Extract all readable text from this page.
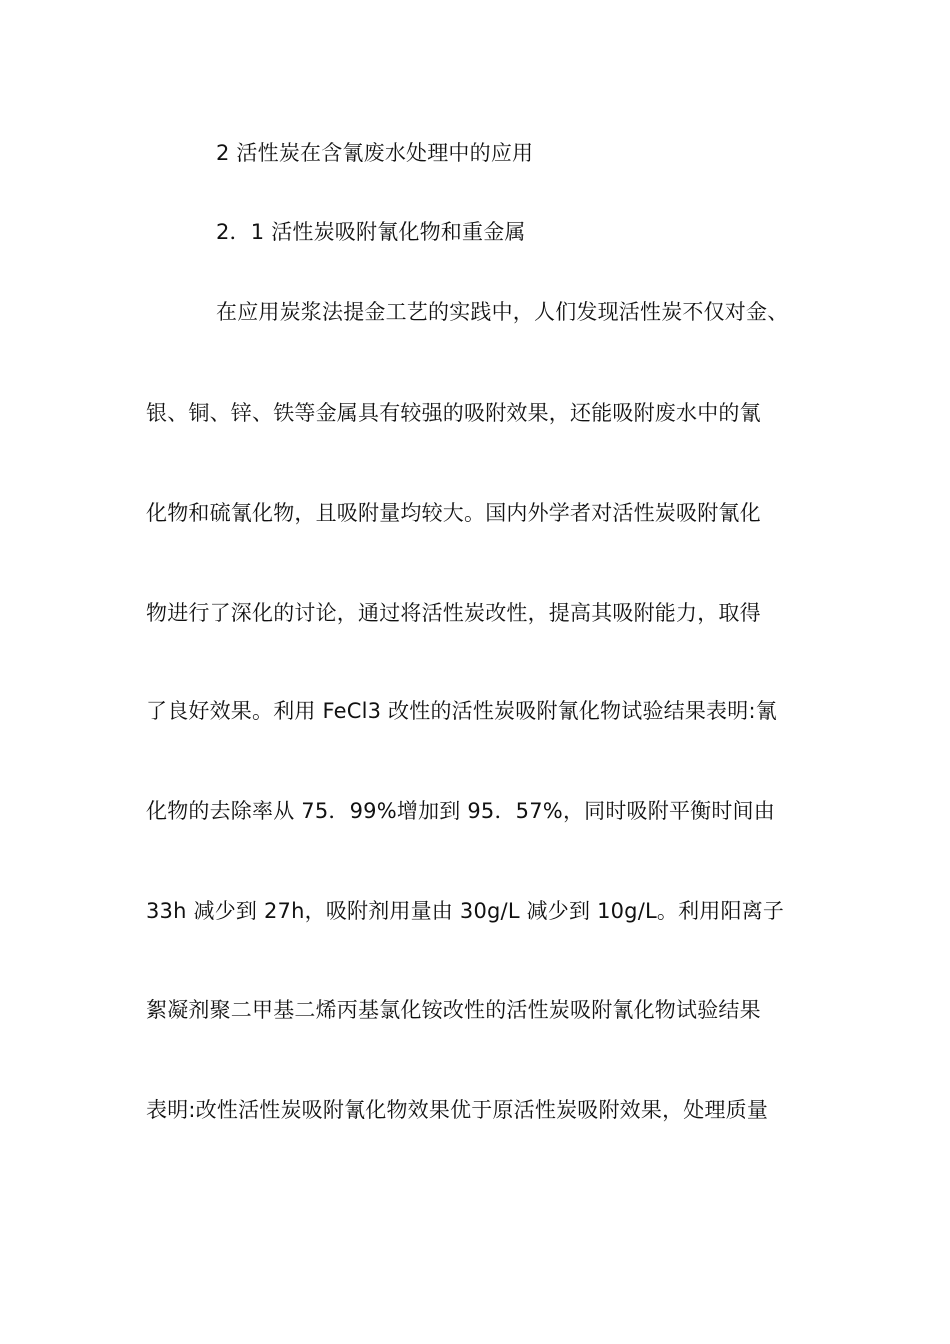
2 活性炭在含氰废水处理中的应用
2．1 活性炭吸附氰化物和重金属
在应用炭浆法提金工艺的实践中，人们发现活性炭不仅对金、
银、铜、锌、铁等金属具有较强的吸附效果，还能吸附废水中的氰
化物和硫氰化物，且吸附量均较大。国内外学者对活性炭吸附氰化
物进行了深化的讨论，通过将活性炭改性，提高其吸附能力，取得
了良好效果。利用 FeCl3 改性的活性炭吸附氰化物试验结果表明:氰
化物的去除率从 75．99%增加到 95．57%，同时吸附平衡时间由
33h 减少到 27h，吸附剂用量由 30g/L 减少到 10g/L。利用阳离子
絮凝剂聚二甲基二烯丙基氯化铵改性的活性炭吸附氰化物试验结果
表明:改性活性炭吸附氰化物效果优于原活性炭吸附效果，处理质量
